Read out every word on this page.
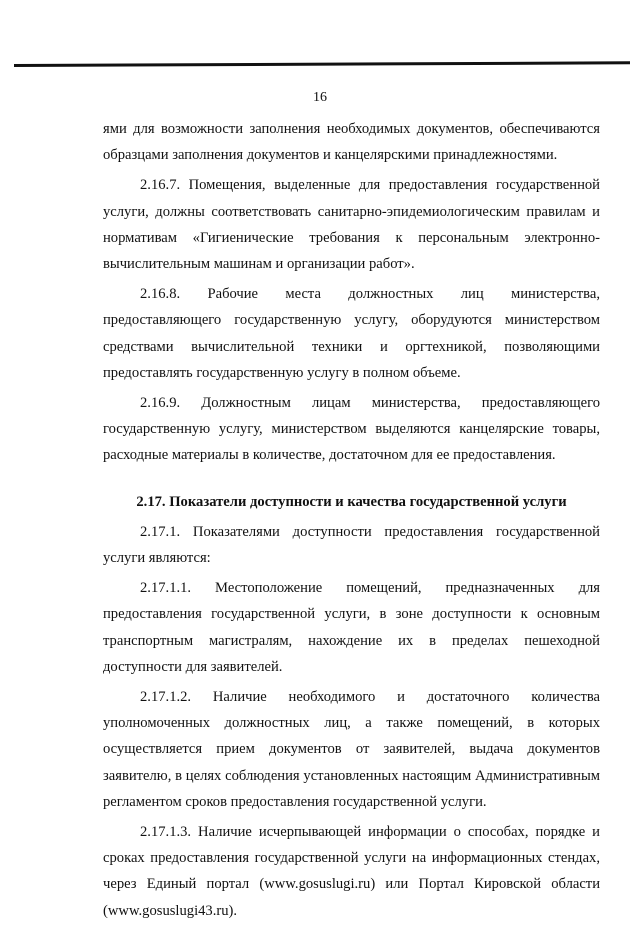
16

ями для возможности заполнения необходимых документов, обеспечиваются образцами заполнения документов и канцелярскими принадлежностями.

2.16.7. Помещения, выделенные для предоставления государственной услуги, должны соответствовать санитарно-эпидемиологическим правилам и нормативам «Гигиенические требования к персональным электронно-вычислительным машинам и организации работ».

2.16.8. Рабочие места должностных лиц министерства, предоставляющего государственную услугу, оборудуются министерством средствами вычислительной техники и оргтехникой, позволяющими предоставлять государственную услугу в полном объеме.

2.16.9. Должностным лицам министерства, предоставляющего государственную услугу, министерством выделяются канцелярские товары, расходные материалы в количестве, достаточном для ее предоставления.

2.17. Показатели доступности и качества государственной услуги

2.17.1. Показателями доступности предоставления государственной услуги являются:

2.17.1.1. Местоположение помещений, предназначенных для предоставления государственной услуги, в зоне доступности к основным транспортным магистралям, нахождение их в пределах пешеходной доступности для заявителей.

2.17.1.2. Наличие необходимого и достаточного количества уполномоченных должностных лиц, а также помещений, в которых осуществляется прием документов от заявителей, выдача документов заявителю, в целях соблюдения установленных настоящим Административным регламентом сроков предоставления государственной услуги.

2.17.1.3. Наличие исчерпывающей информации о способах, порядке и сроках предоставления государственной услуги на информационных стендах, через Единый портал (www.gosuslugi.ru) или Портал Кировской области (www.gosuslugi43.ru).
